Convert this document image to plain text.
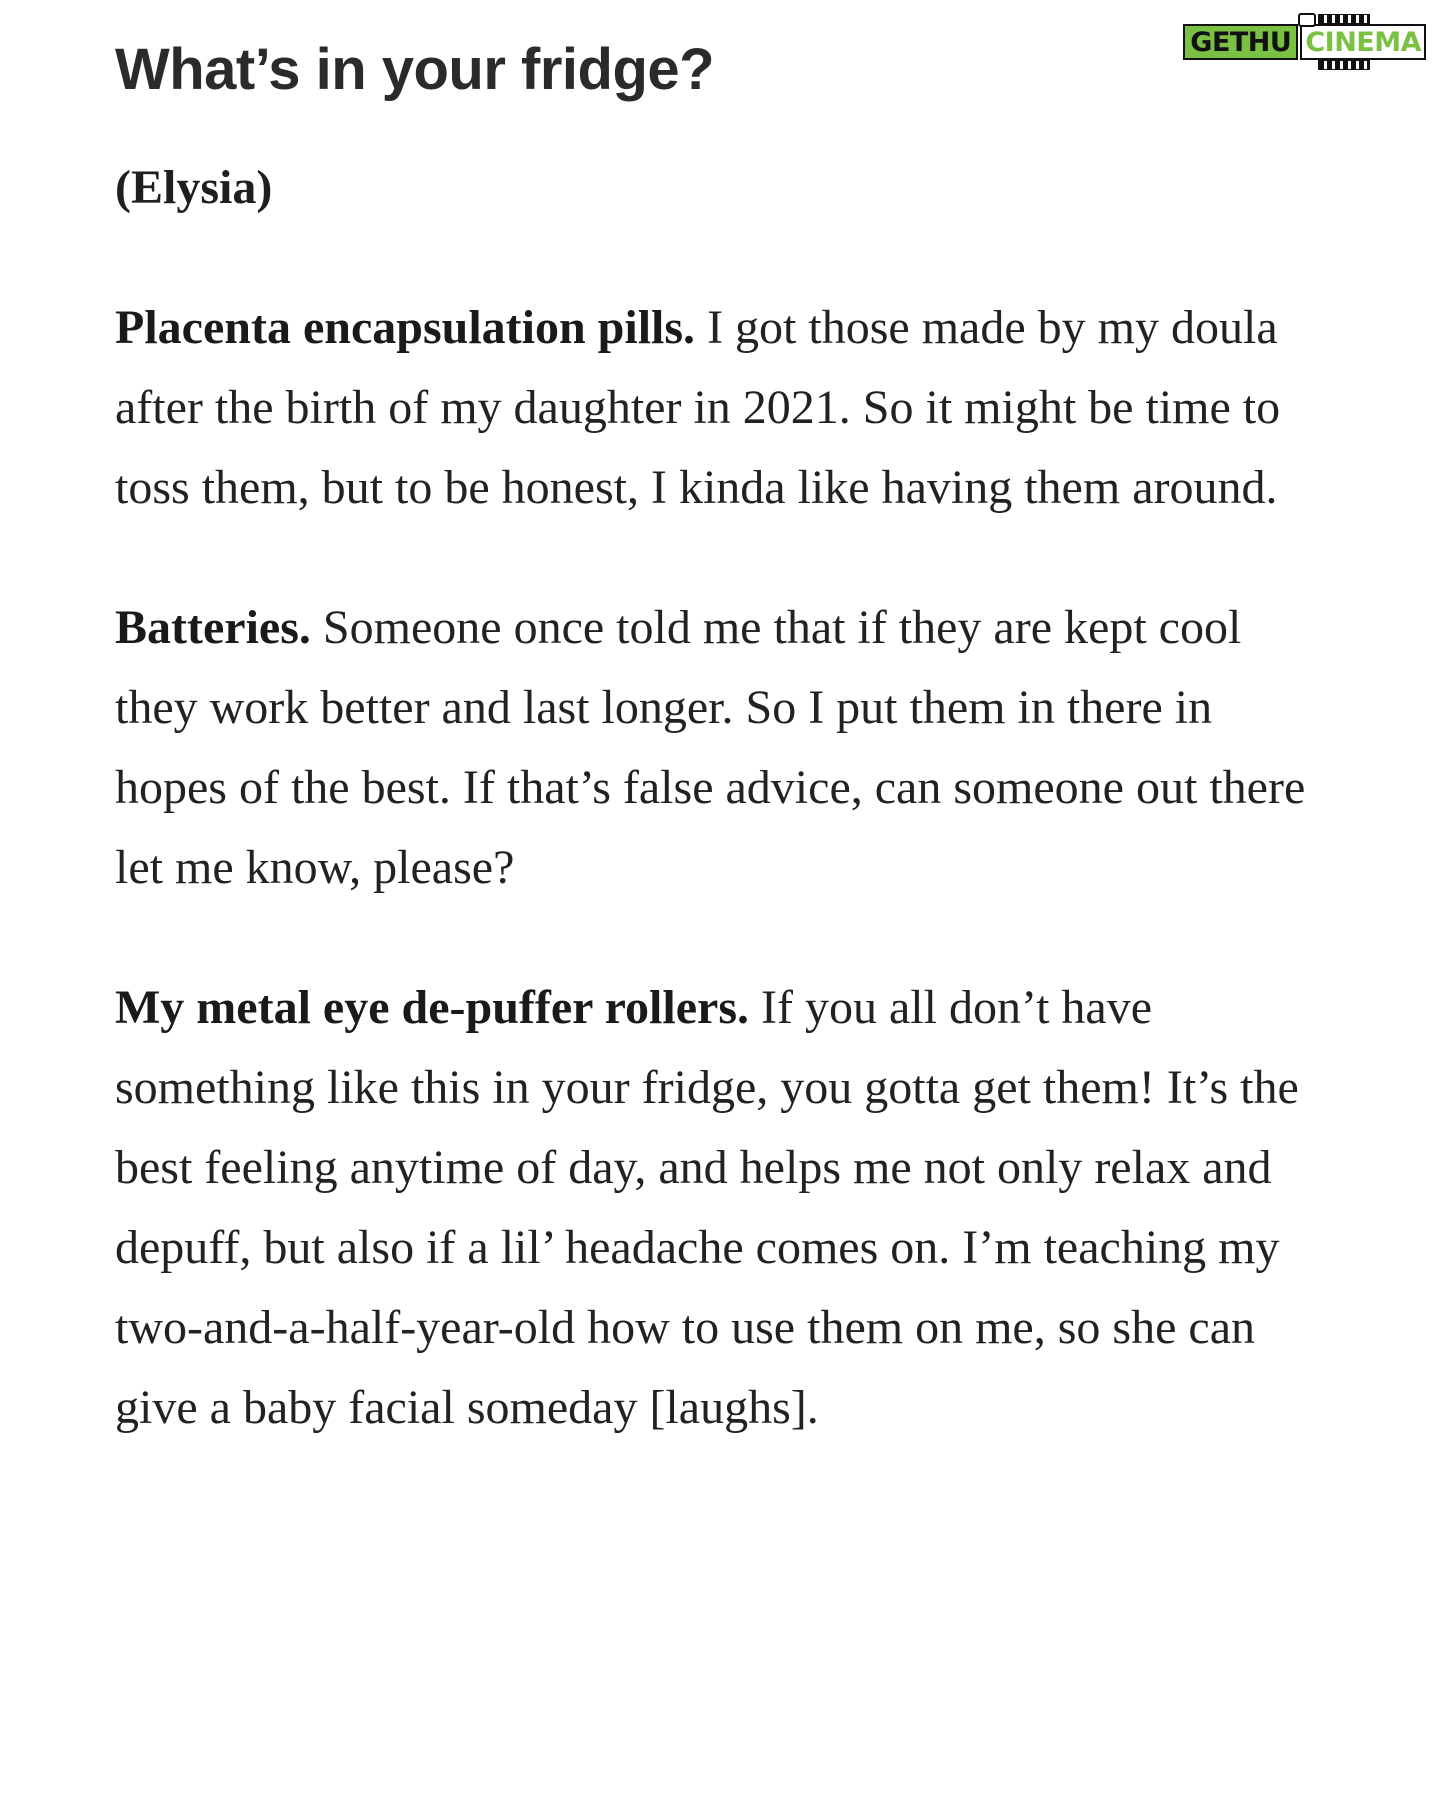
GETHU CINEMA
What’s in your fridge?
(Elysia)

Placenta encapsulation pills. I got those made by my doula after the birth of my daughter in 2021. So it might be time to toss them, but to be honest, I kinda like having them around.

Batteries. Someone once told me that if they are kept cool they work better and last longer. So I put them in there in hopes of the best. If that’s false advice, can someone out there let me know, please?

My metal eye de-puffer rollers. If you all don’t have something like this in your fridge, you gotta get them! It’s the best feeling anytime of day, and helps me not only relax and depuff, but also if a lil’ headache comes on. I’m teaching my two-and-a-half-year-old how to use them on me, so she can give a baby facial someday [laughs].
